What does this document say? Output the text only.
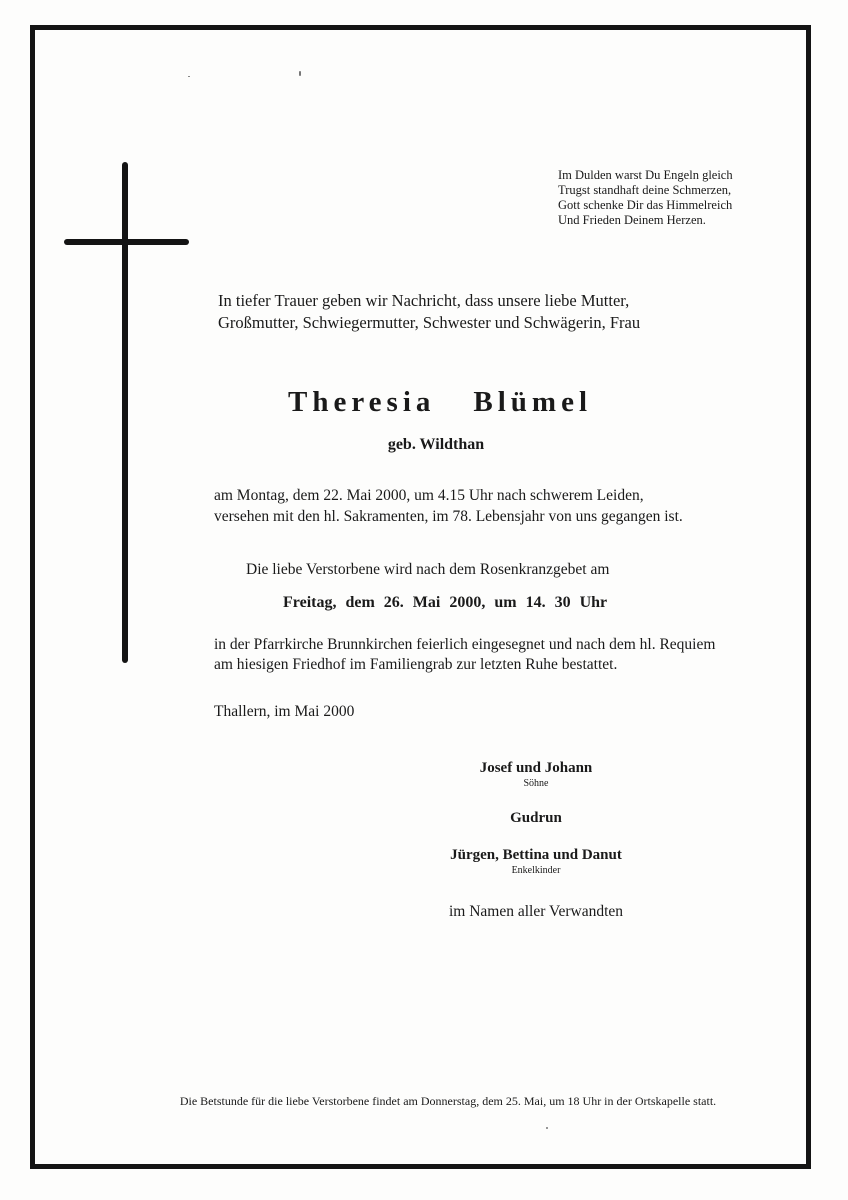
Im Dulden warst Du Engeln gleich
Trugst standhaft deine Schmerzen,
Gott schenke Dir das Himmelreich
Und Frieden Deinem Herzen.
In tiefer Trauer geben wir Nachricht, dass unsere liebe Mutter,
Großmutter, Schwiegermutter, Schwester und Schwägerin, Frau
Theresia Blümel
geb. Wildthan
am Montag, dem 22. Mai 2000, um 4.15 Uhr nach schwerem Leiden,
versehen mit den hl. Sakramenten, im 78. Lebensjahr von uns gegangen ist.
Die liebe Verstorbene wird nach dem Rosenkranzgebet am
Freitag, dem 26. Mai 2000, um 14. 30 Uhr
in der Pfarrkirche Brunnkirchen feierlich eingesegnet und nach dem hl. Requiem
am hiesigen Friedhof im Familiengrab zur letzten Ruhe bestattet.
Thallern, im Mai 2000
Josef und Johann
Söhne
Gudrun
Jürgen, Bettina und Danut
Enkelkinder
im Namen aller Verwandten
Die Betstunde für die liebe Verstorbene findet am Donnerstag, dem 25. Mai, um 18 Uhr in der Ortskapelle statt.
